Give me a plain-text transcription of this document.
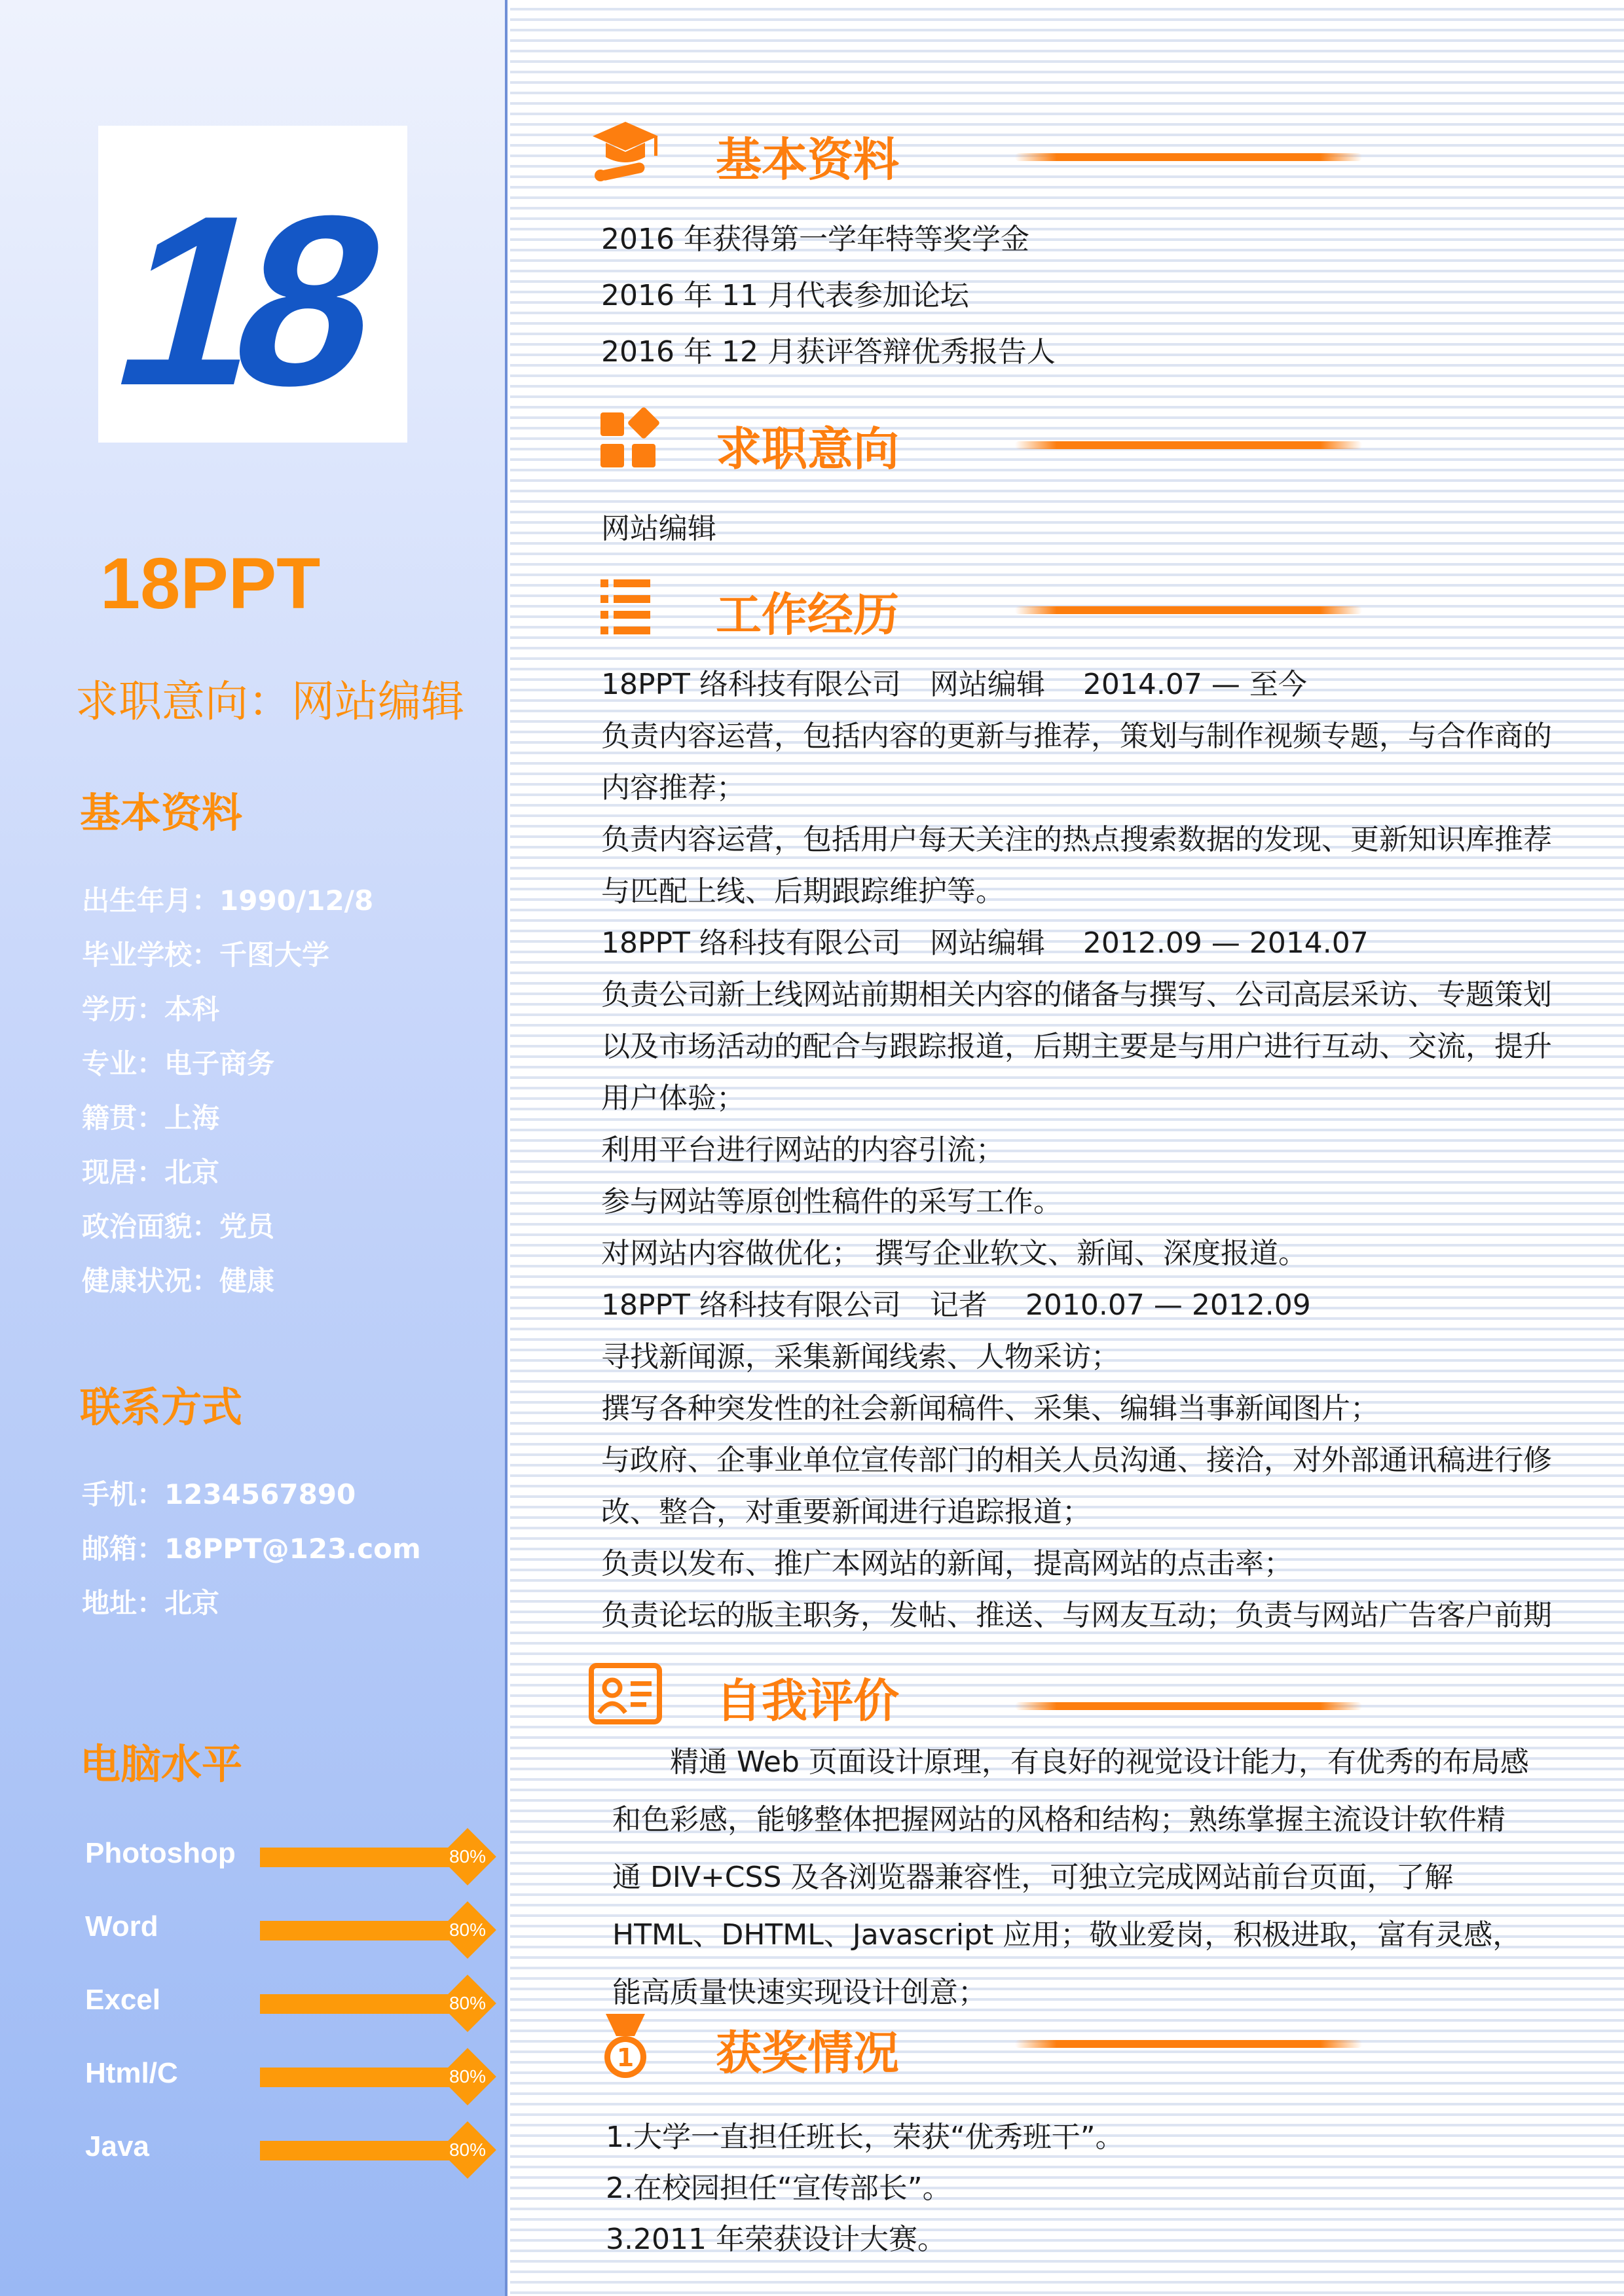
18
18PPT
求职意向：网站编辑
基本资料
出生年月：1990/12/8
毕业学校：千图大学
学历：本科
专业：电子商务
籍贯：上海
现居：北京
政治面貌：党员
健康状况：健康
联系方式
手机：1234567890
邮箱：18PPT@123.com
地址：北京
电脑水平
Photoshop	80%
Word	80%
Excel	80%
Html/C	80%
Java	80%
基本资料
2016 年获得第一学年特等奖学金
2016 年 11 月代表参加论坛
2016 年 12 月获评答辩优秀报告人
求职意向
网站编辑
工作经历
18PPT 络科技有限公司　网站编辑　 2014.07 — 至今
负责内容运营，包括内容的更新与推荐，策划与制作视频专题，与合作商的
内容推荐；
负责内容运营，包括用户每天关注的热点搜索数据的发现、更新知识库推荐
与匹配上线、后期跟踪维护等。
18PPT 络科技有限公司　网站编辑　 2012.09 — 2014.07
负责公司新上线网站前期相关内容的储备与撰写、公司高层采访、专题策划
以及市场活动的配合与跟踪报道，后期主要是与用户进行互动、交流，提升
用户体验；
利用平台进行网站的内容引流；
参与网站等原创性稿件的采写工作。
对网站内容做优化；　撰写企业软文、新闻、深度报道。
18PPT 络科技有限公司　记者　 2010.07 — 2012.09
寻找新闻源，采集新闻线索、人物采访；
撰写各种突发性的社会新闻稿件、采集、编辑当事新闻图片；
与政府、企事业单位宣传部门的相关人员沟通、接洽，对外部通讯稿进行修
改、整合，对重要新闻进行追踪报道；
负责以发布、推广本网站的新闻，提高网站的点击率；
负责论坛的版主职务，发帖、推送、与网友互动；负责与网站广告客户前期
自我评价
　　精通 Web 页面设计原理，有良好的视觉设计能力，有优秀的布局感
和色彩感，能够整体把握网站的风格和结构；熟练掌握主流设计软件精
通 DIV+CSS 及各浏览器兼容性，可独立完成网站前台页面，了解
HTML、DHTML、Javascript 应用；敬业爱岗，积极进取，富有灵感，
能高质量快速实现设计创意；
1 获奖情况
1.大学一直担任班长，荣获“优秀班干”。
2.在校园担任“宣传部长”。
3.2011 年荣获设计大赛。
